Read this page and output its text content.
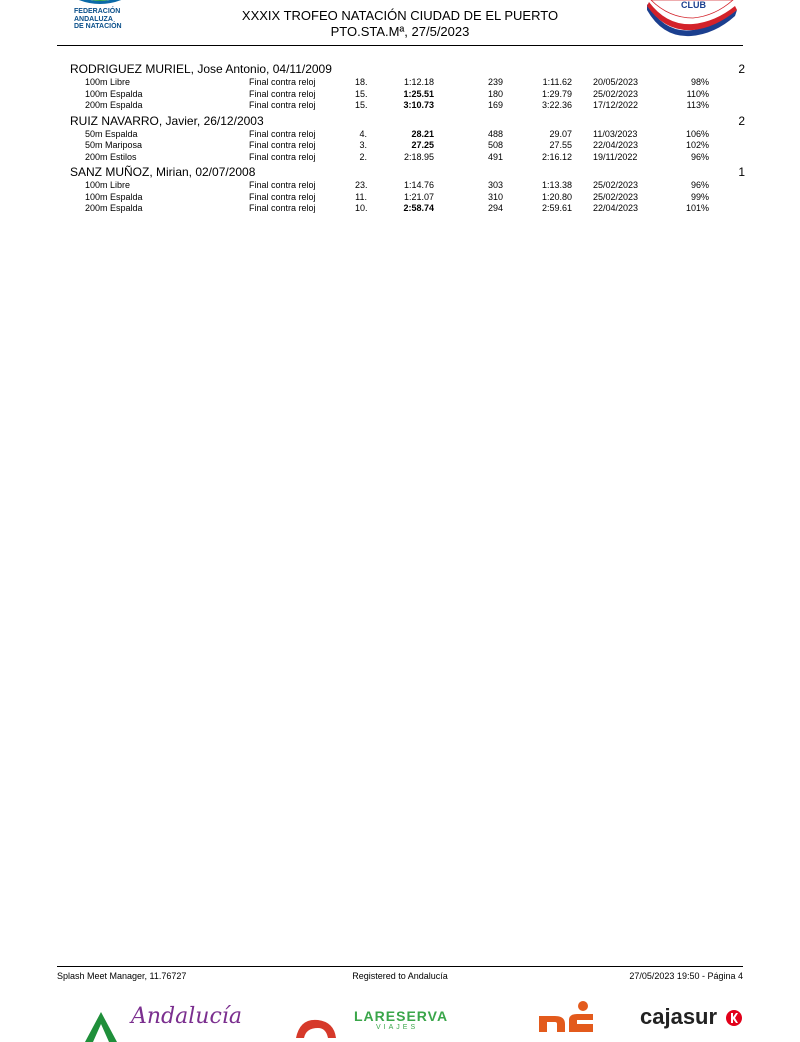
FEDERACIÓN
ANDALUZA
DE NATACIÓN
CLUB
XXXIX TROFEO NATACIÓN CIUDAD DE EL PUERTO
PTO.STA.Mª, 27/5/2023
RODRIGUEZ MURIEL, Jose Antonio, 04/11/2009	2
100m Libre	Final contra reloj	18.	1:12.18	239	1:11.62 20/05/2023	98%
100m Espalda	Final contra reloj	15.	1:25.51	180	1:29.79 25/02/2023	110%
200m Espalda	Final contra reloj	15.	3:10.73	169	3:22.36 17/12/2022	113%
RUIZ NAVARRO, Javier, 26/12/2003	2
50m Espalda	Final contra reloj	4.	28.21	488	29.07 11/03/2023	106%
50m Mariposa	Final contra reloj	3.	27.25	508	27.55 22/04/2023	102%
200m Estilos	Final contra reloj	2.	2:18.95	491	2:16.12 19/11/2022	96%
SANZ MUÑOZ, Mirian, 02/07/2008	1
100m Libre	Final contra reloj	23.	1:14.76	303	1:13.38 25/02/2023	96%
100m Espalda	Final contra reloj	11.	1:21.07	310	1:20.80 25/02/2023	99%
200m Espalda	Final contra reloj	10.	2:58.74	294	2:59.61 22/04/2023	101%
Splash Meet Manager, 11.76727	Registered to Andalucía	27/05/2023 19:50 - Página 4
Andalucía	LARESERVA
VIAJES	cajasur
